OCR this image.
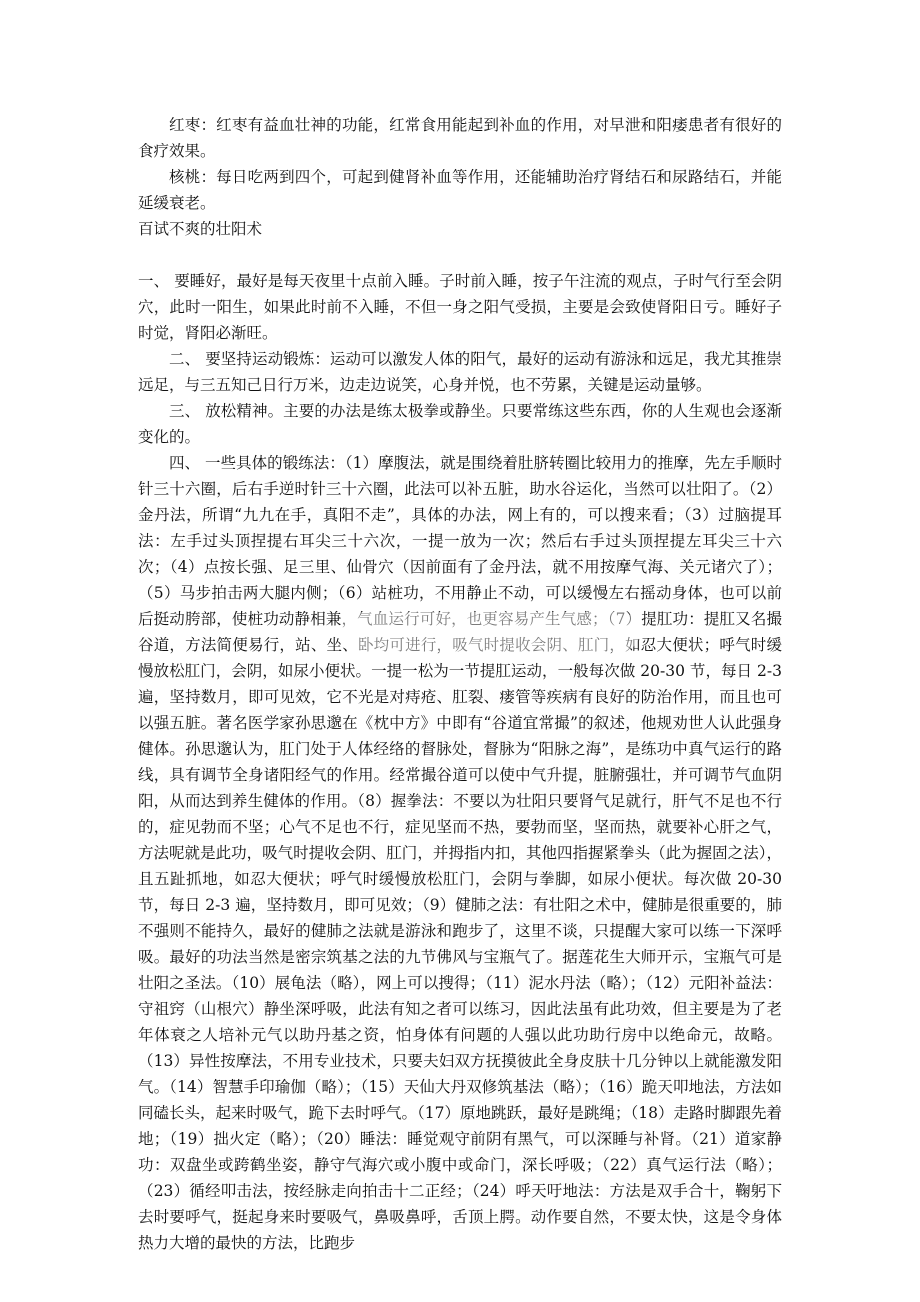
红枣：红枣有益血壮神的功能，红常食用能起到补血的作用，对早泄和阳痿患者有很好的食疗效果。

核桃：每日吃两到四个，可起到健肾补血等作用，还能辅助治疗肾结石和尿路结石，并能延缓衰老。

百试不爽的壮阳术

一、 要睡好，最好是每天夜里十点前入睡。子时前入睡，按子午注流的观点，子时气行至会阴穴，此时一阳生，如果此时前不入睡，不但一身之阳气受损，主要是会致使肾阳日亏。睡好子时觉，肾阳必渐旺。

二、 要坚持运动锻炼：运动可以激发人体的阳气，最好的运动有游泳和远足，我尤其推崇远足，与三五知己日行万米，边走边说笑，心身并悦，也不劳累，关键是运动量够。

三、 放松精神。主要的办法是练太极拳或静坐。只要常练这些东西，你的人生观也会逐渐变化的。

四、 一些具体的锻练法：（1）摩腹法，就是围绕着肚脐转圈比较用力的推摩，先左手顺时针三十六圈，后右手逆时针三十六圈，此法可以补五脏，助水谷运化，当然可以壮阳了。（2）金丹法，所谓“九九在手，真阳不走”，具体的办法，网上有的，可以搜来看；（3）过脑提耳法：左手过头顶捏提右耳尖三十六次，一提一放为一次；然后右手过头顶捏提左耳尖三十六次；（4）点按长强、足三里、仙骨穴（因前面有了金丹法，就不用按摩气海、关元诸穴了）；（5）马步拍击两大腿内侧；（6）站桩功，不用静止不动，可以缓慢左右摇动身体，也可以前后挺动胯部，使桩功动静相兼，气血运行可好，也更容易产生气感；（7）提肛功：提肛又名撮谷道，方法简便易行，站、坐、卧均可进行，吸气时提收会阴、肛门，如忍大便状；呼气时缓慢放松肛门，会阴，如尿小便状。一提一松为一节提肛运动，一般每次做 20-30 节，每日 2-3 遍，坚持数月，即可见效，它不光是对痔疮、肛裂、瘘管等疾病有良好的防治作用，而且也可以强五脏。著名医学家孙思邈在《枕中方》中即有“谷道宜常撮”的叙述，他规劝世人认此强身健体。孙思邈认为，肛门处于人体经络的督脉处，督脉为“阳脉之海”，是练功中真气运行的路线，具有调节全身诸阳经气的作用。经常撮谷道可以使中气升提，脏腑强壮，并可调节气血阴阳，从而达到养生健体的作用。（8）握拳法：不要以为壮阳只要肾气足就行，肝气不足也不行的，症见勃而不坚；心气不足也不行，症见坚而不热，要勃而坚，坚而热，就要补心肝之气，方法呢就是此功，吸气时提收会阴、肛门，并拇指内扣，其他四指握紧拳头（此为握固之法），且五趾抓地，如忍大便状；呼气时缓慢放松肛门，会阴与拳脚，如尿小便状。每次做 20-30 节，每日 2-3 遍，坚持数月，即可见效；（9）健肺之法：有壮阳之术中，健肺是很重要的，肺不强则不能持久，最好的健肺之法就是游泳和跑步了，这里不谈，只提醒大家可以练一下深呼吸。最好的功法当然是密宗筑基之法的九节佛风与宝瓶气了。据莲花生大师开示，宝瓶气可是壮阳之圣法。（10）展龟法（略），网上可以搜得；（11）泥水丹法（略）；（12）元阳补益法：守祖窍（山根穴）静坐深呼吸，此法有知之者可以练习，因此法虽有此功效，但主要是为了老年体衰之人培补元气以助丹基之资，怕身体有问题的人强以此功助行房中以绝命元，故略。（13）异性按摩法，不用专业技术，只要夫妇双方抚摸彼此全身皮肤十几分钟以上就能激发阳气。（14）智慧手印瑜伽（略）；（15）天仙大丹双修筑基法（略）；（16）跪天叩地法，方法如同磕长头，起来时吸气，跪下去时呼气。（17）原地跳跃，最好是跳绳；（18）走路时脚跟先着地；（19）拙火定（略）；（20）睡法：睡觉观守前阴有黑气，可以深睡与补肾。（21）道家静功：双盘坐或跨鹤坐姿，静守气海穴或小腹中或命门，深长呼吸；（22）真气运行法（略）；（23）循经叩击法，按经脉走向拍击十二正经；（24）呼天吁地法：方法是双手合十，鞠躬下去时要呼气，挺起身来时要吸气，鼻吸鼻呼，舌顶上腭。动作要自然，不要太快，这是令身体热力大增的最快的方法，比跑步
